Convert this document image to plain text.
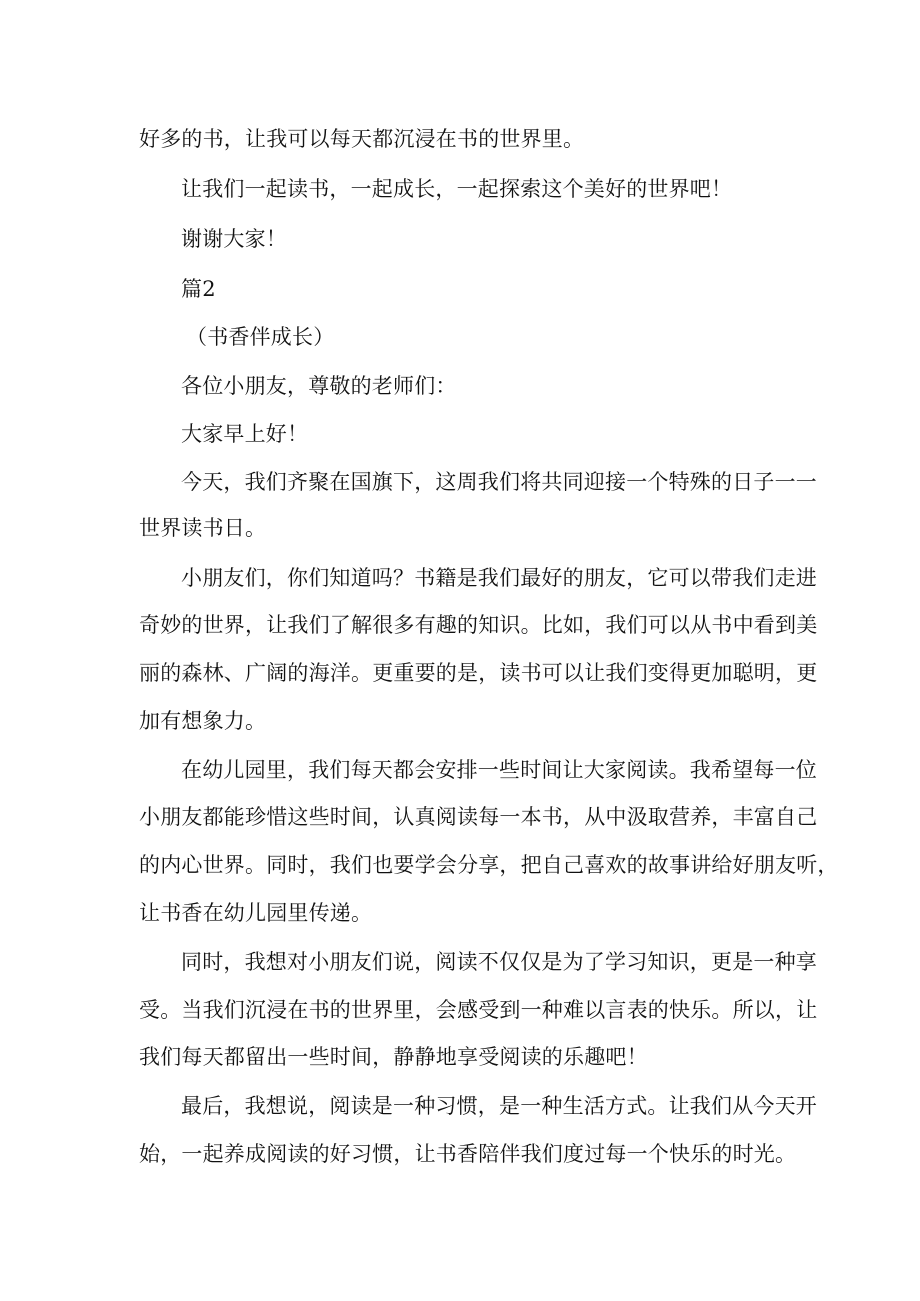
好多的书，让我可以每天都沉浸在书的世界里。
让我们一起读书，一起成长，一起探索这个美好的世界吧！
谢谢大家！
篇2
（书香伴成长）
各位小朋友，尊敬的老师们：
大家早上好！
今天，我们齐聚在国旗下，这周我们将共同迎接一个特殊的日子一一
世界读书日。
小朋友们，你们知道吗？书籍是我们最好的朋友，它可以带我们走进
奇妙的世界，让我们了解很多有趣的知识。比如，我们可以从书中看到美
丽的森林、广阔的海洋。更重要的是，读书可以让我们变得更加聪明，更
加有想象力。
在幼儿园里，我们每天都会安排一些时间让大家阅读。我希望每一位
小朋友都能珍惜这些时间，认真阅读每一本书，从中汲取营养，丰富自己
的内心世界。同时，我们也要学会分享，把自己喜欢的故事讲给好朋友听，
让书香在幼儿园里传递。
同时，我想对小朋友们说，阅读不仅仅是为了学习知识，更是一种享
受。当我们沉浸在书的世界里，会感受到一种难以言表的快乐。所以，让
我们每天都留出一些时间，静静地享受阅读的乐趣吧！
最后，我想说，阅读是一种习惯，是一种生活方式。让我们从今天开
始，一起养成阅读的好习惯，让书香陪伴我们度过每一个快乐的时光。
